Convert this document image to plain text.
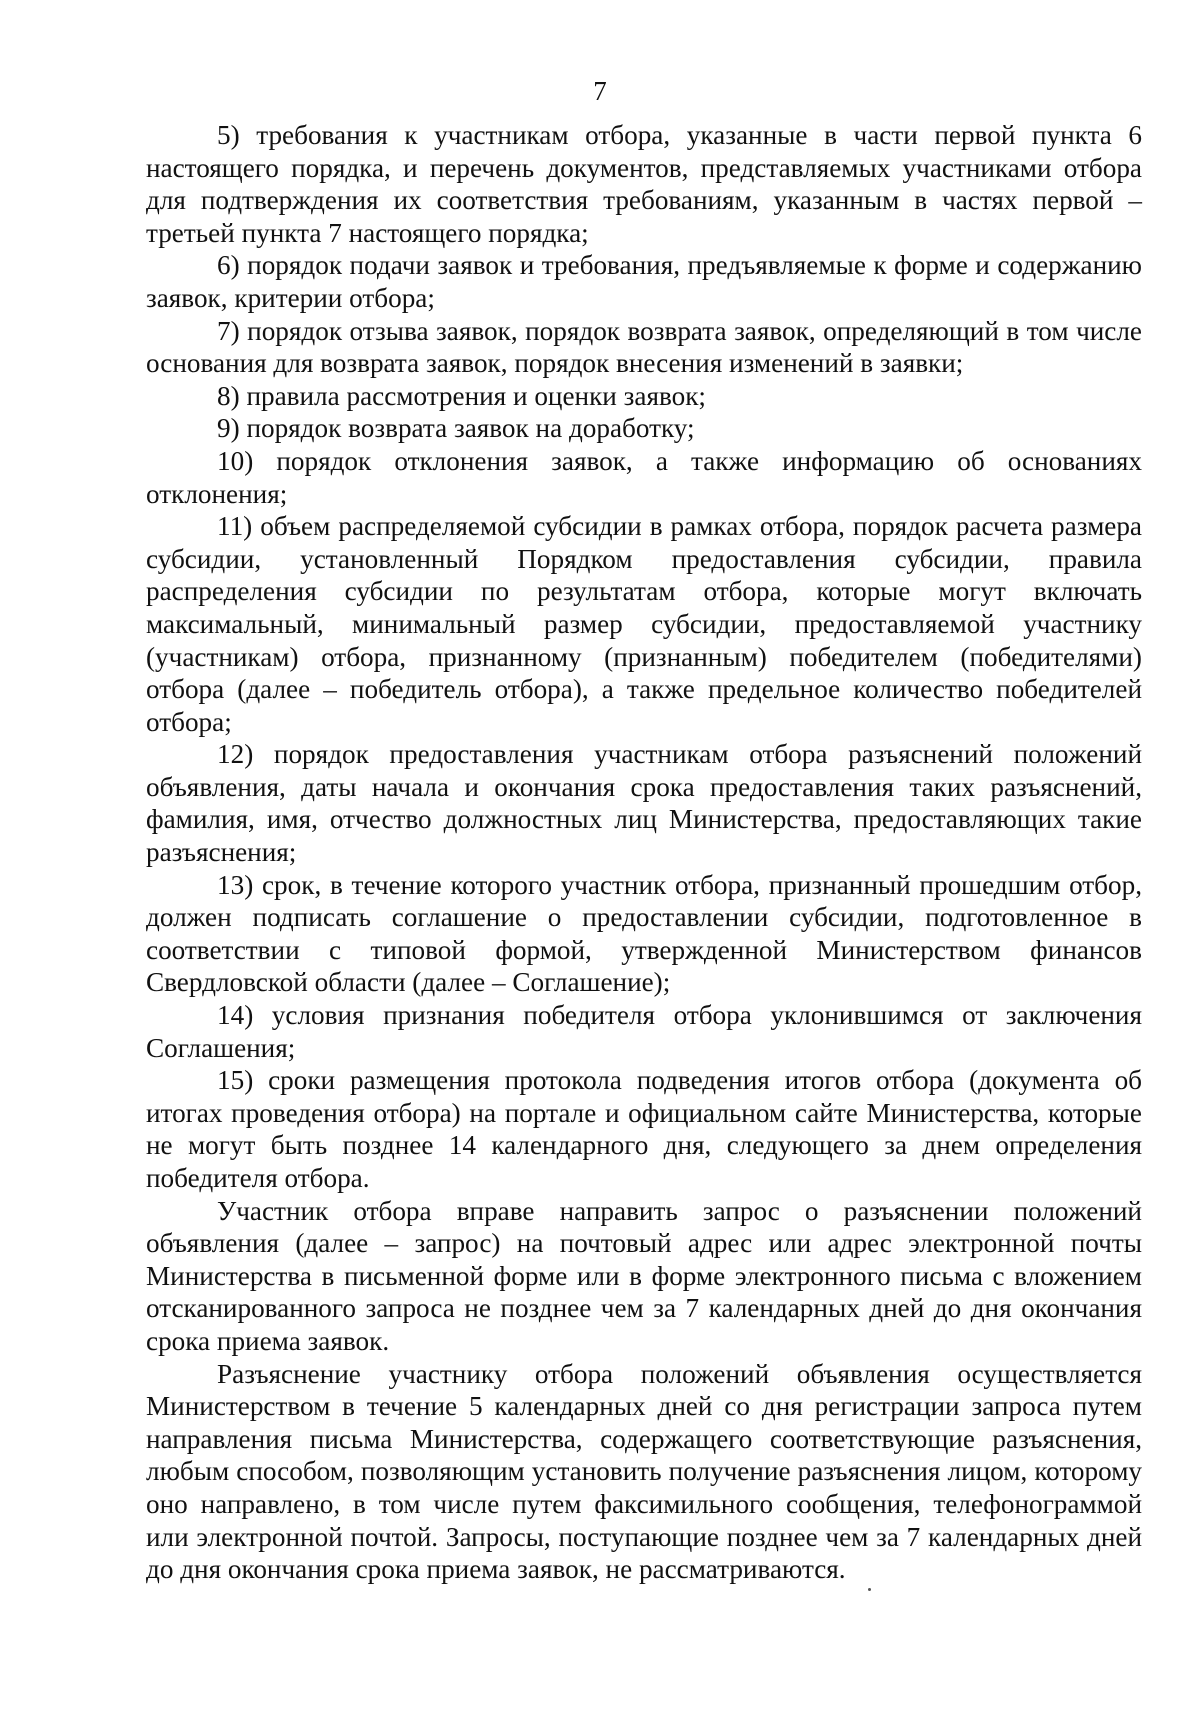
7

5) требования к участникам отбора, указанные в части первой пункта 6 настоящего порядка, и перечень документов, представляемых участниками отбора для подтверждения их соответствия требованиям, указанным в частях первой – третьей пункта 7 настоящего порядка;

6) порядок подачи заявок и требования, предъявляемые к форме и содержанию заявок, критерии отбора;

7) порядок отзыва заявок, порядок возврата заявок, определяющий в том числе основания для возврата заявок, порядок внесения изменений в заявки;

8) правила рассмотрения и оценки заявок;

9) порядок возврата заявок на доработку;

10) порядок отклонения заявок, а также информацию об основаниях отклонения;

11) объем распределяемой субсидии в рамках отбора, порядок расчета размера субсидии, установленный Порядком предоставления субсидии, правила распределения субсидии по результатам отбора, которые могут включать максимальный, минимальный размер субсидии, предоставляемой участнику (участникам) отбора, признанному (признанным) победителем (победителями) отбора (далее – победитель отбора), а также предельное количество победителей отбора;

12) порядок предоставления участникам отбора разъяснений положений объявления, даты начала и окончания срока предоставления таких разъяснений, фамилия, имя, отчество должностных лиц Министерства, предоставляющих такие разъяснения;

13) срок, в течение которого участник отбора, признанный прошедшим отбор, должен подписать соглашение о предоставлении субсидии, подготовленное в соответствии с типовой формой, утвержденной Министерством финансов Свердловской области (далее – Соглашение);

14) условия признания победителя отбора уклонившимся от заключения Соглашения;

15) сроки размещения протокола подведения итогов отбора (документа об итогах проведения отбора) на портале и официальном сайте Министерства, которые не могут быть позднее 14 календарного дня, следующего за днем определения победителя отбора.

Участник отбора вправе направить запрос о разъяснении положений объявления (далее – запрос) на почтовый адрес или адрес электронной почты Министерства в письменной форме или в форме электронного письма с вложением отсканированного запроса не позднее чем за 7 календарных дней до дня окончания срока приема заявок.

Разъяснение участнику отбора положений объявления осуществляется Министерством в течение 5 календарных дней со дня регистрации запроса путем направления письма Министерства, содержащего соответствующие разъяснения, любым способом, позволяющим установить получение разъяснения лицом, которому оно направлено, в том числе путем факсимильного сообщения, телефонограммой или электронной почтой. Запросы, поступающие позднее чем за 7 календарных дней до дня окончания срока приема заявок, не рассматриваются.
